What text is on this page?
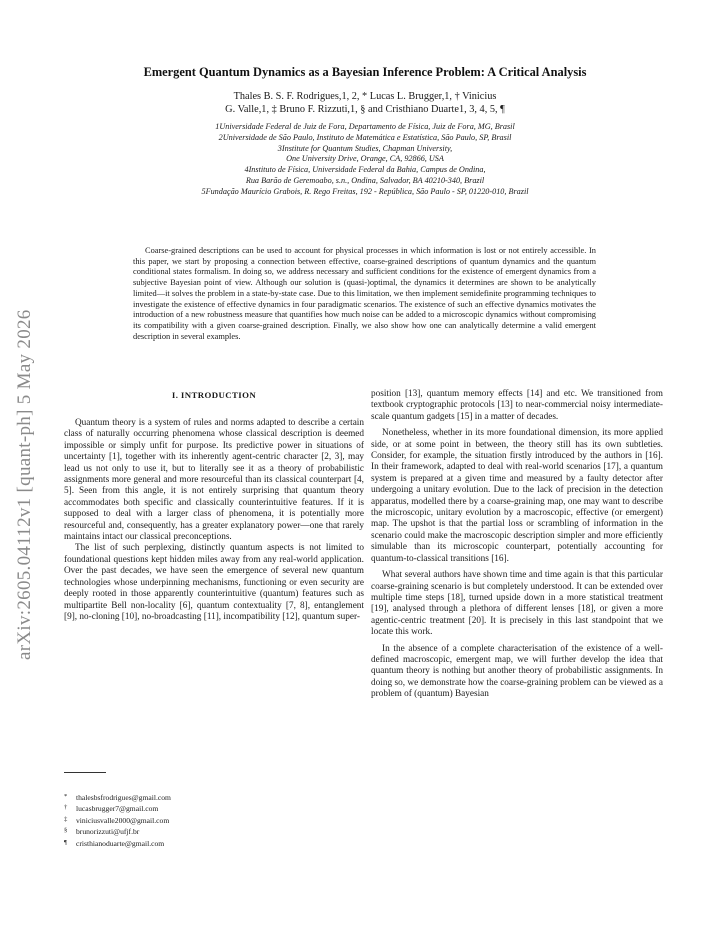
arXiv:2605.04112v1 [quant-ph] 5 May 2026
Emergent Quantum Dynamics as a Bayesian Inference Problem: A Critical Analysis
Thales B. S. F. Rodrigues,1, 2, * Lucas L. Brugger,1, † Vinicius
G. Valle,1, ‡ Bruno F. Rizzuti,1, § and Cristhiano Duarte1, 3, 4, 5, ¶
1Universidade Federal de Juiz de Fora, Departamento de Física, Juiz de Fora, MG, Brasil
2Universidade de São Paulo, Instituto de Matemática e Estatística, São Paulo, SP, Brasil
3Institute for Quantum Studies, Chapman University,
One University Drive, Orange, CA, 92866, USA
4Instituto de Física, Universidade Federal da Bahia, Campus de Ondina,
Rua Barão de Geremoabo, s.n., Ondina, Salvador, BA 40210-340, Brazil
5Fundação Maurício Grabois, R. Rego Freitas, 192 - República, São Paulo - SP, 01220-010, Brazil

Coarse-grained descriptions can be used to account for physical processes in which information is lost or not entirely accessible. In this paper, we start by proposing a connection between effective, coarse-grained descriptions of quantum dynamics and the quantum conditional states formalism. In doing so, we address necessary and sufficient conditions for the existence of emergent dynamics from a subjective Bayesian point of view. Although our solution is (quasi-)optimal, the dynamics it determines are shown to be analytically limited—it solves the problem in a state-by-state case. Due to this limitation, we then implement semidefinite programming techniques to investigate the existence of effective dynamics in four paradigmatic scenarios. The existence of such an effective dynamics motivates the introduction of a new robustness measure that quantifies how much noise can be added to a microscopic dynamics without compromising its compatibility with a given coarse-grained description. Finally, we also show how one can analytically determine a valid emergent description in several examples.

I. INTRODUCTION

Quantum theory is a system of rules and norms adapted to describe a certain class of naturally occurring phenomena whose classical description is deemed impossible or simply unfit for purpose. Its predictive power in situations of uncertainty [1], together with its inherently agent-centric character [2, 3], may lead us not only to use it, but to literally see it as a theory of probabilistic assignments more general and more resourceful than its classical counterpart [4, 5]. Seen from this angle, it is not entirely surprising that quantum theory accommodates both specific and classically counterintuitive features. If it is supposed to deal with a larger class of phenomena, it is potentially more resourceful and, consequently, has a greater explanatory power—one that rarely maintains intact our classical preconceptions.

The list of such perplexing, distinctly quantum aspects is not limited to foundational questions kept hidden miles away from any real-world application. Over the past decades, we have seen the emergence of several new quantum technologies whose underpinning mechanisms, functioning or even security are deeply rooted in those apparently counterintuitive (quantum) features such as multipartite Bell non-locality [6], quantum contextuality [7, 8], entanglement [9], no-cloning [10], no-broadcasting [11], incompatibility [12], quantum super-

position [13], quantum memory effects [14] and etc. We transitioned from textbook cryptographic protocols [13] to near-commercial noisy intermediate-scale quantum gadgets [15] in a matter of decades.

Nonetheless, whether in its more foundational dimension, its more applied side, or at some point in between, the theory still has its own subtleties. Consider, for example, the situation firstly introduced by the authors in [16]. In their framework, adapted to deal with real-world scenarios [17], a quantum system is prepared at a given time and measured by a faulty detector after undergoing a unitary evolution. Due to the lack of precision in the detection apparatus, modelled there by a coarse-graining map, one may want to describe the microscopic, unitary evolution by a macroscopic, effective (or emergent) map. The upshot is that the partial loss or scrambling of information in the scenario could make the macroscopic description simpler and more efficiently simulable than its microscopic counterpart, potentially accounting for quantum-to-classical transitions [16].

What several authors have shown time and time again is that this particular coarse-graining scenario is but completely understood. It can be extended over multiple time steps [18], turned upside down in a more statistical treatment [19], analysed through a plethora of different lenses [18], or given a more agentic-centric treatment [20]. It is precisely in this last standpoint that we locate this work.

In the absence of a complete characterisation of the existence of a well-defined macroscopic, emergent map, we will further develop the idea that quantum theory is nothing but another theory of probabilistic assignments. In doing so, we demonstrate how the coarse-graining problem can be viewed as a problem of (quantum) Bayesian

* thalesbsfrodrigues@gmail.com
† lucasbrugger7@gmail.com
‡ viniciusvalle2000@gmail.com
§ brunorizzuti@ufjf.br
¶ cristhianoduarte@gmail.com
